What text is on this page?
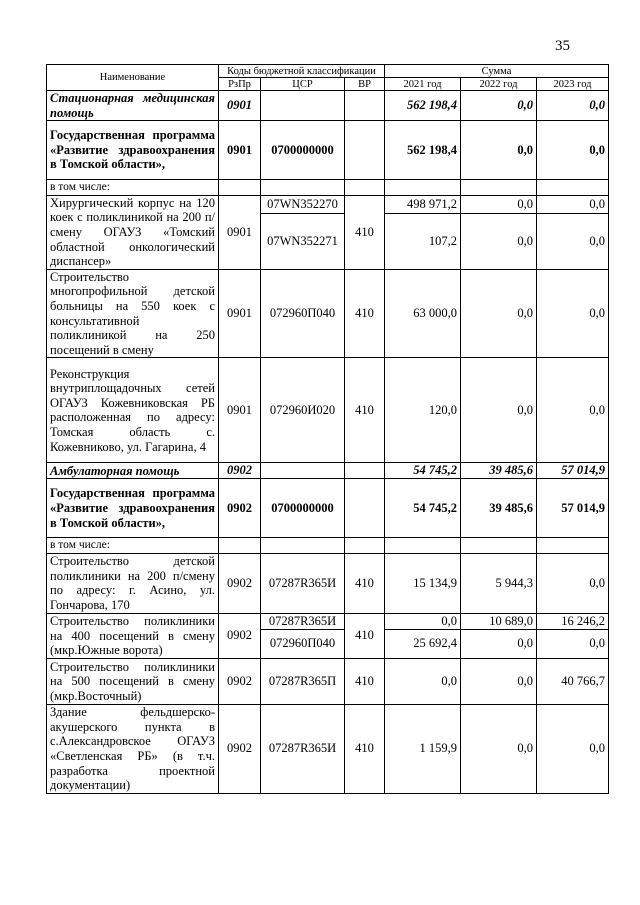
35
Наименование	Коды бюджетной классификации			Сумма		
	РзПр	ЦСР	ВР	2021 год	2022 год	2023 год
Стационарная медицинская помощь	0901			562 198,4	0,0	0,0
Государственная программа «Развитие здравоохранения в Томской области»,	0901	0700000000		562 198,4	0,0	0,0
в том числе:						
Хирургический корпус на 120 коек с поликлиникой на 200 п/смену ОГАУЗ «Томский областной онкологический диспансер»	0901	07WN352270	410	498 971,2	0,0	0,0
		07WN352271		107,2	0,0	0,0
Строительство многопрофильной детской больницы на 550 коек с консультативной поликлиникой на 250 посещений в смену	0901	072960П040	410	63 000,0	0,0	0,0
Реконструкция внутриплощадочных сетей ОГАУЗ Кожевниковская РБ расположенная по адресу: Томская область с. Кожевниково, ул. Гагарина, 4	0901	072960И020	410	120,0	0,0	0,0
Амбулаторная помощь	0902			54 745,2	39 485,6	57 014,9
Государственная программа «Развитие здравоохранения в Томской области»,	0902	0700000000		54 745,2	39 485,6	57 014,9
в том числе:						
Строительство детской поликлиники на 200 п/смену по адресу: г. Асино, ул. Гончарова, 170	0902	07287R365И	410	15 134,9	5 944,3	0,0
Строительство поликлиники на 400 посещений в смену (мкр.Южные ворота)	0902	07287R365И	410	0,0	10 689,0	16 246,2
		072960П040		25 692,4	0,0	0,0
Строительство поликлиники на 500 посещений в смену (мкр.Восточный)	0902	07287R365П	410	0,0	0,0	40 766,7
Здание фельдшерско-акушерского пункта в с.Александровское ОГАУЗ «Светленская РБ» (в т.ч. разработка проектной документации)	0902	07287R365И	410	1 159,9	0,0	0,0
